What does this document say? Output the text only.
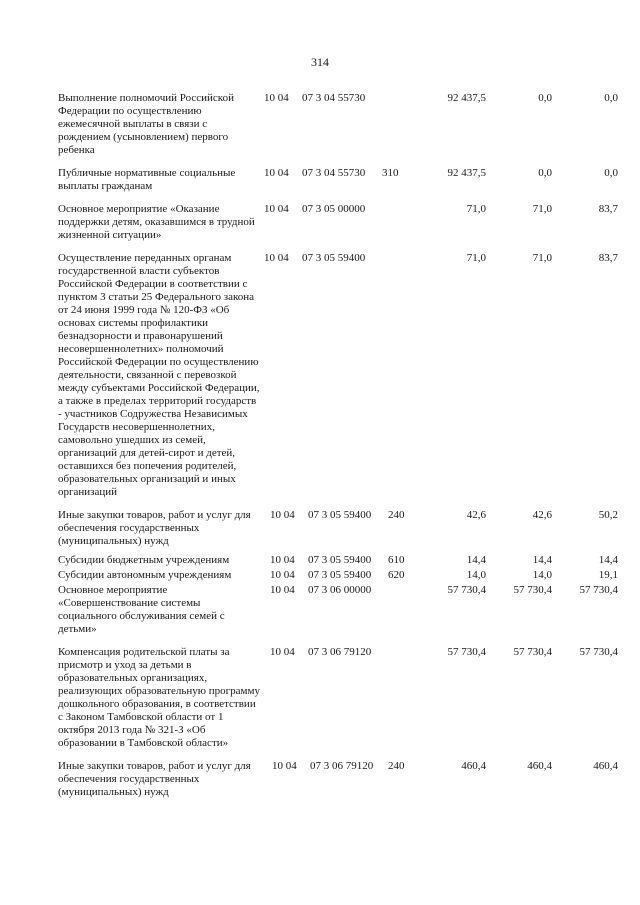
314
Выполнение полномочий Российской Федерации по осуществлению ежемесячной выплаты в связи с рождением (усыновлением) первого ребенка
10 04 07 3 04 55730	92 437,5	0,0	0,0
Публичные нормативные социальные выплаты гражданам
10 04 07 3 04 55730 310	92 437,5	0,0	0,0
Основное мероприятие «Оказание поддержки детям, оказавшимся в трудной жизненной ситуации»
10 04 07 3 05 00000	71,0	71,0	83,7
Осуществление переданных органам государственной власти субъектов Российской Федерации в соответствии с пунктом 3 статьи 25 Федерального закона от 24 июня 1999 года № 120-ФЗ «Об основах системы профилактики безнадзорности и правонарушений несовершеннолетних» полномочий Российской Федерации по осуществлению деятельности, связанной с перевозкой между субъектами Российской Федерации, а также в пределах территорий государств - участников Содружества Независимых Государств несовершеннолетних, самовольно ушедших из семей, организаций для детей-сирот и детей, оставшихся без попечения родителей, образовательных организаций и иных организаций
10 04 07 3 05 59400	71,0	71,0	83,7
Иные закупки товаров, работ и услуг для обеспечения государственных (муниципальных) нужд
10 04 07 3 05 59400 240	42,6	42,6	50,2
Субсидии бюджетным учреждениям	10 04 07 3 05 59400 610	14,4	14,4	14,4
Субсидии автономным учреждениям	10 04 07 3 05 59400 620	14,0	14,0	19,1
Основное мероприятие «Совершенствование системы социального обслуживания семей с детьми»
10 04 07 3 06 00000	57 730,4	57 730,4	57 730,4
Компенсация родительской платы за присмотр и уход за детьми в образовательных организациях, реализующих образовательную программу дошкольного образования, в соответствии с Законом Тамбовской области от 1 октября 2013 года № 321-З «Об образовании в Тамбовской области»
10 04 07 3 06 79120	57 730,4	57 730,4	57 730,4
Иные закупки товаров, работ и услуг для обеспечения государственных (муниципальных) нужд
10 04 07 3 06 79120 240	460,4	460,4	460,4
